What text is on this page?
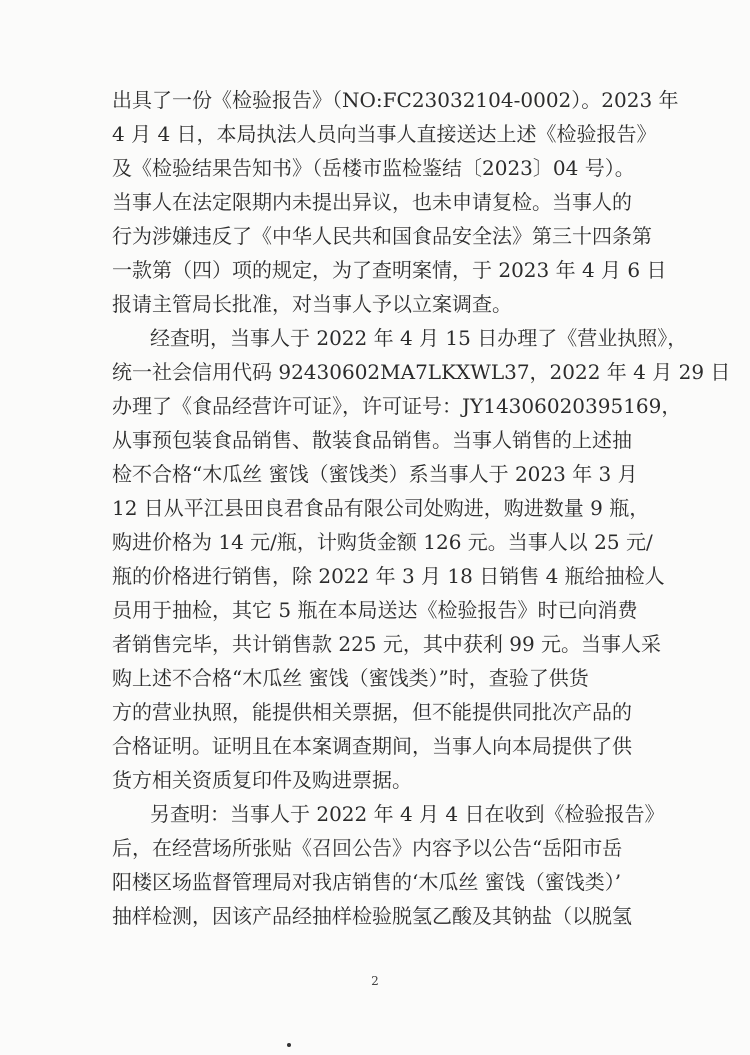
出具了一份《检验报告》（NO:FC23032104-0002）。2023 年
4 月 4 日，本局执法人员向当事人直接送达上述《检验报告》
及《检验结果告知书》（岳楼市监检鉴结〔2023〕04 号）。
当事人在法定限期内未提出异议，也未申请复检。当事人的
行为涉嫌违反了《中华人民共和国食品安全法》第三十四条第
一款第（四）项的规定，为了查明案情，于 2023 年 4 月 6 日
报请主管局长批准，对当事人予以立案调查。
经查明，当事人于 2022 年 4 月 15 日办理了《营业执照》，
统一社会信用代码 92430602MA7LKXWL37，2022 年 4 月 29 日
办理了《食品经营许可证》，许可证号：JY14306020395169，
从事预包装食品销售、散装食品销售。当事人销售的上述抽
检不合格“木瓜丝 蜜饯（蜜饯类）系当事人于 2023 年 3 月
12 日从平江县田良君食品有限公司处购进，购进数量 9 瓶，
购进价格为 14 元/瓶，计购货金额 126 元。当事人以 25 元/
瓶的价格进行销售，除 2022 年 3 月 18 日销售 4 瓶给抽检人
员用于抽检，其它 5 瓶在本局送达《检验报告》时已向消费
者销售完毕，共计销售款 225 元，其中获利 99 元。当事人采
购上述不合格“木瓜丝 蜜饯（蜜饯类）”时，查验了供货
方的营业执照，能提供相关票据，但不能提供同批次产品的
合格证明。证明且在本案调查期间，当事人向本局提供了供
货方相关资质复印件及购进票据。
另查明：当事人于 2022 年 4 月 4 日在收到《检验报告》
后，在经营场所张贴《召回公告》内容予以公告“岳阳市岳
阳楼区场监督管理局对我店销售的‘木瓜丝 蜜饯（蜜饯类）’
抽样检测，因该产品经抽样检验脱氢乙酸及其钠盐（以脱氢
2
